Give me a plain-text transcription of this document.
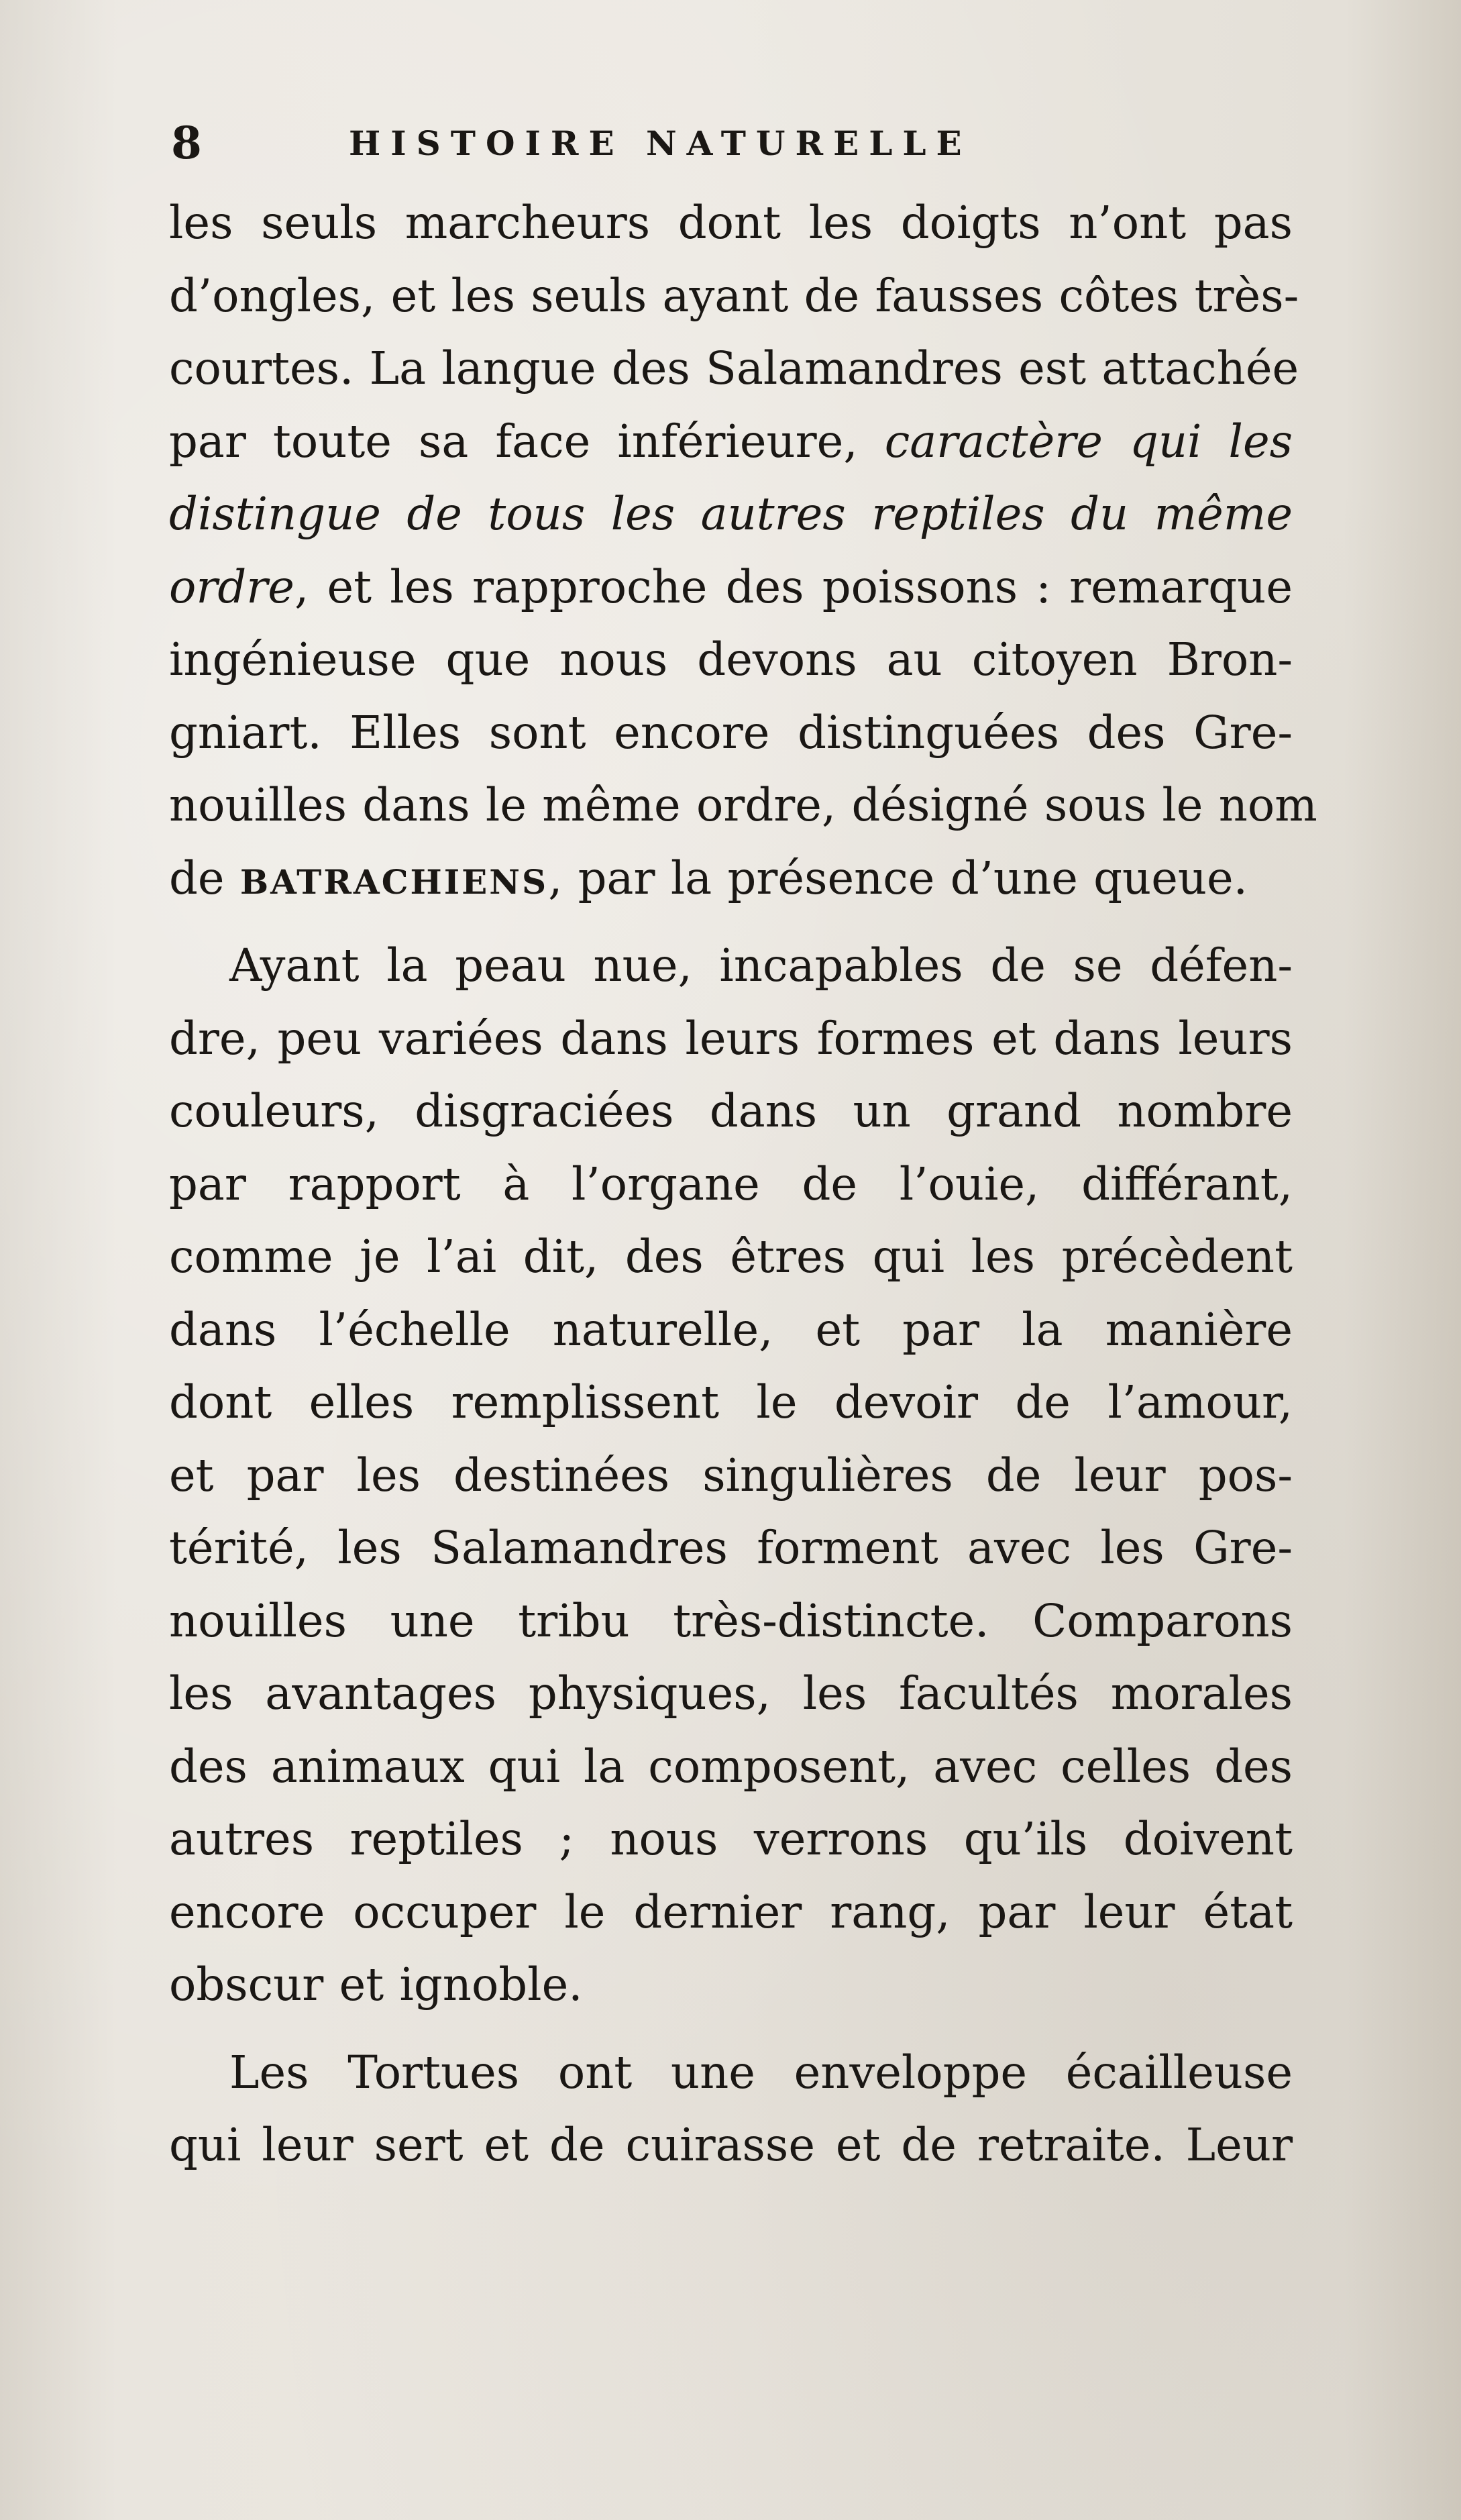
8	HISTOIRE NATURELLE
les seuls marcheurs dont les doigts n’ont pas
d’ongles, et les seuls ayant de fausses côtes très-
courtes. La langue des Salamandres est attachée
par toute sa face inférieure, caractère qui les
distingue de tous les autres reptiles du même
ordre, et les rapproche des poissons : remarque
ingénieuse que nous devons au citoyen Bron-
gniart. Elles sont encore distinguées des Gre-
nouilles dans le même ordre, désigné sous le nom
de BATRACHIENS, par la présence d’une queue.
Ayant la peau nue, incapables de se défen-
dre, peu variées dans leurs formes et dans leurs
couleurs, disgraciées dans un grand nombre
par rapport à l’organe de l’ouie, différant,
comme je l’ai dit, des êtres qui les précèdent
dans l’échelle naturelle, et par la manière
dont elles remplissent le devoir de l’amour,
et par les destinées singulières de leur pos-
térité, les Salamandres forment avec les Gre-
nouilles une tribu très-distincte. Comparons
les avantages physiques, les facultés morales
des animaux qui la composent, avec celles des
autres reptiles ; nous verrons qu’ils doivent
encore occuper le dernier rang, par leur état
obscur et ignoble.
Les Tortues ont une enveloppe écailleuse
qui leur sert et de cuirasse et de retraite. Leur
